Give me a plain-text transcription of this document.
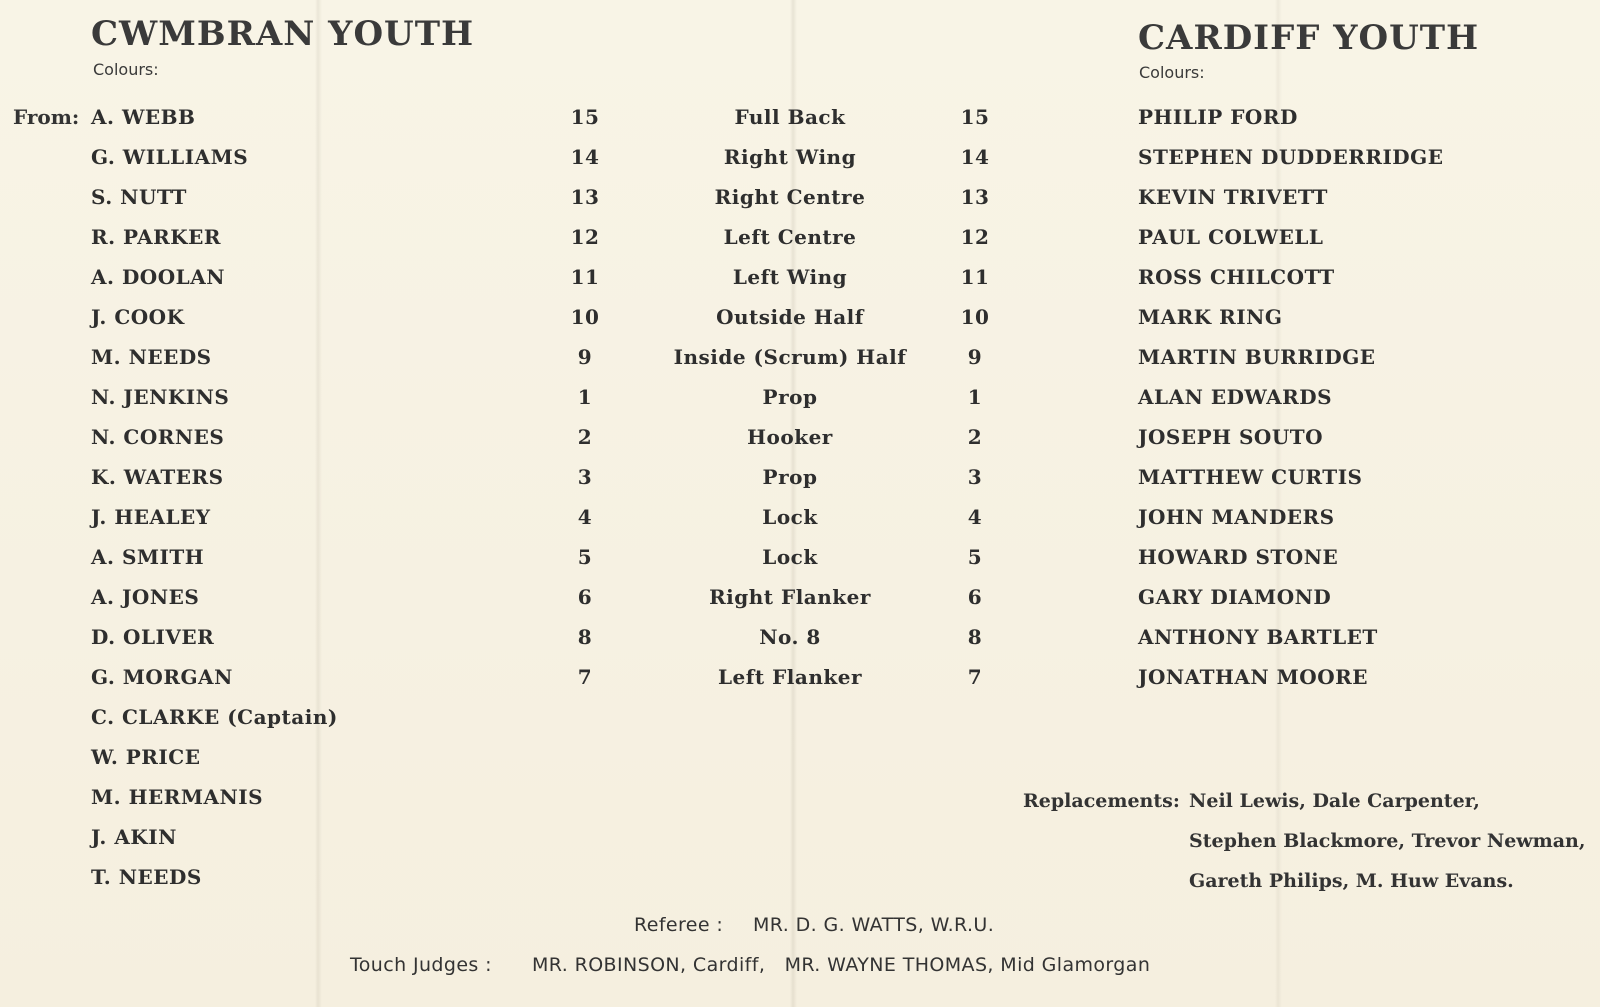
CWMBRAN YOUTH
Colours:
CARDIFF YOUTH
Colours:
From: A. WEBB	15	Full Back	15	PHILIP FORD
G. WILLIAMS	14	Right Wing	14	STEPHEN DUDDERRIDGE
S. NUTT	13	Right Centre	13	KEVIN TRIVETT
R. PARKER	12	Left Centre	12	PAUL COLWELL
A. DOOLAN	11	Left Wing	11	ROSS CHILCOTT
J. COOK	10	Outside Half	10	MARK RING
M. NEEDS	9	Inside (Scrum) Half	9	MARTIN BURRIDGE
N. JENKINS	1	Prop	1	ALAN EDWARDS
N. CORNES	2	Hooker	2	JOSEPH SOUTO
K. WATERS	3	Prop	3	MATTHEW CURTIS
J. HEALEY	4	Lock	4	JOHN MANDERS
A. SMITH	5	Lock	5	HOWARD STONE
A. JONES	6	Right Flanker	6	GARY DIAMOND
D. OLIVER	8	No. 8	8	ANTHONY BARTLET
G. MORGAN	7	Left Flanker	7	JONATHAN MOORE
C. CLARKE (Captain)
W. PRICE
M. HERMANIS
J. AKIN
T. NEEDS
Replacements: Neil Lewis, Dale Carpenter,
Stephen Blackmore, Trevor Newman,
Gareth Philips, M. Huw Evans.
Referee : MR. D. G. WATTS, W.R.U.
Touch Judges : MR. ROBINSON, Cardiff,   MR. WAYNE THOMAS, Mid Glamorgan
